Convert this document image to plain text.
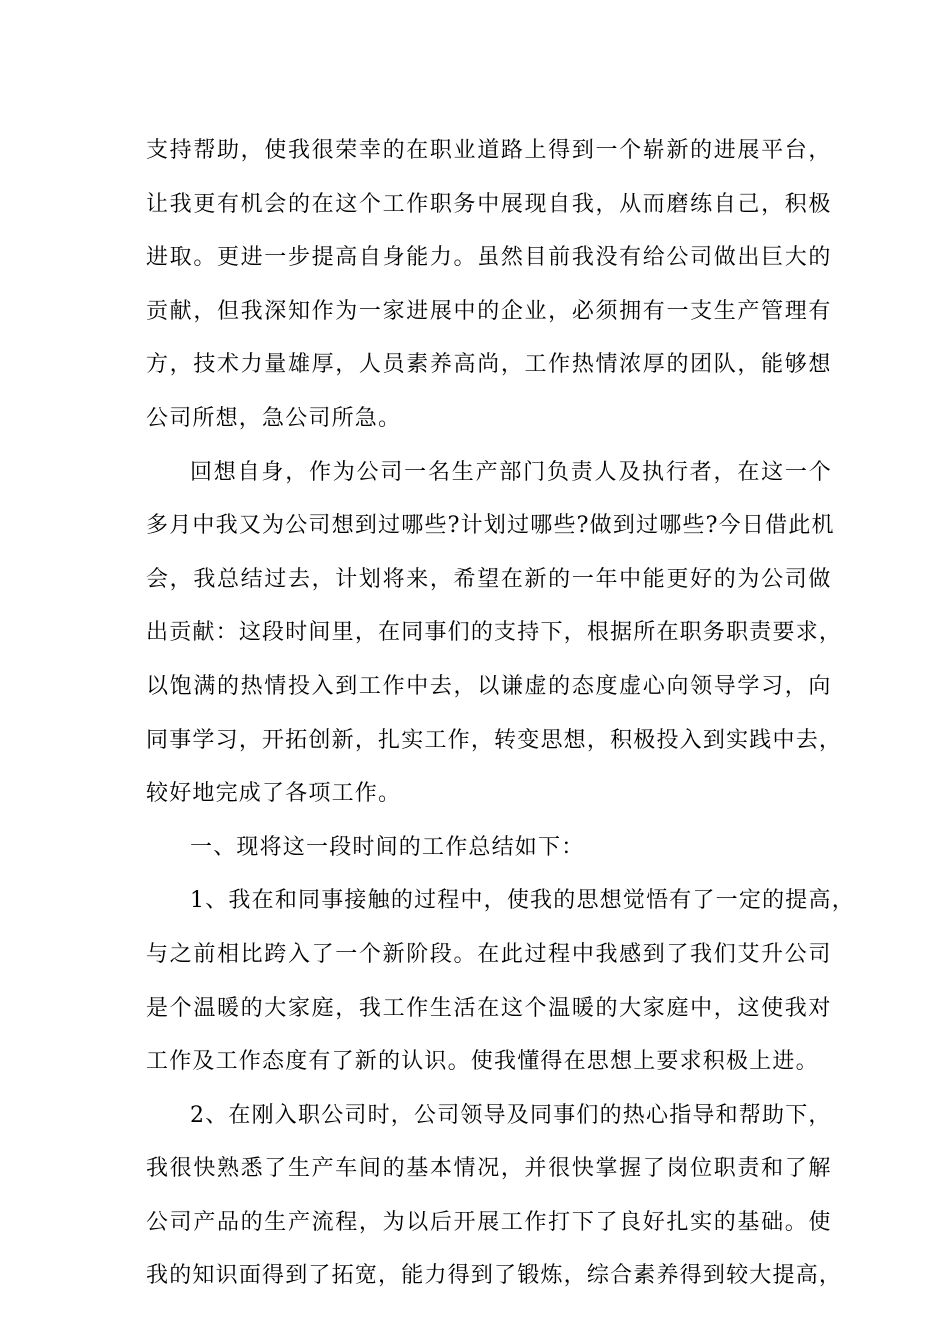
支 持 帮 助 ， 使 我 很 荣 幸 的 在 职 业 道 路 上 得 到 一 个 崭 新 的 进 展 平 台 ，
让 我 更 有 机 会 的 在 这 个 工 作 职 务 中 展 现 自 我 ， 从 而 磨 练 自 己 ， 积 极
进 取 。 更 进 一 步 提 高 自 身 能 力 。 虽 然 目 前 我 没 有 给 公 司 做 出 巨 大 的
贡 献 ， 但 我 深 知 作 为 一 家 进 展 中 的 企 业 ， 必 须 拥 有 一 支 生 产 管 理 有
方 ， 技 术 力 量 雄 厚 ， 人 员 素 养 高 尚 ， 工 作 热 情 浓 厚 的 团 队 ， 能 够 想
公司所想，急公司所急。
回 想 自 身 ， 作 为 公 司 一 名 生 产 部 门 负 责 人 及 执 行 者 ， 在 这 一 个
多 月 中 我 又 为 公 司 想 到 过 哪 些 ? 计 划 过 哪 些 ? 做 到 过 哪 些 ? 今 日 借 此 机
会 ， 我 总 结 过 去 ， 计 划 将 来 ， 希 望 在 新 的 一 年 中 能 更 好 的 为 公 司 做
出 贡 献 ： 这 段 时 间 里 ， 在 同 事 们 的 支 持 下 ， 根 据 所 在 职 务 职 责 要 求 ，
以 饱 满 的 热 情 投 入 到 工 作 中 去 ， 以 谦 虚 的 态 度 虚 心 向 领 导 学 习 ， 向
同 事 学 习 ， 开 拓 创 新 ， 扎 实 工 作 ， 转 变 思 想 ， 积 极 投 入 到 实 践 中 去 ，
较好地完成了各项工作。
一、现将这一段时间的工作总结如下：
1 、 我 在 和 同 事 接 触 的 过 程 中 ， 使 我 的 思 想 觉 悟 有 了 一 定 的 提 高 ，
与 之 前 相 比 跨 入 了 一 个 新 阶 段 。 在 此 过 程 中 我 感 到 了 我 们 艾 升 公 司
是 个 温 暖 的 大 家 庭 ， 我 工 作 生 活 在 这 个 温 暖 的 大 家 庭 中 ， 这 使 我 对
工作及工作态度有了新的认识。使我懂得在思想上要求积极上进。
2、在刚入职公司时，公司领导及同事们的热心指导和帮助下，
我 很 快 熟 悉 了 生 产 车 间 的 基 本 情 况 ， 并 很 快 掌 握 了 岗 位 职 责 和 了 解
公 司 产 品 的 生 产 流 程 ， 为 以 后 开 展 工 作 打 下 了 良 好 扎 实 的 基 础 。 使
我 的 知 识 面 得 到 了 拓 宽 ， 能 力 得 到 了 锻 炼 ， 综 合 素 养 得 到 较 大 提 高 ，
